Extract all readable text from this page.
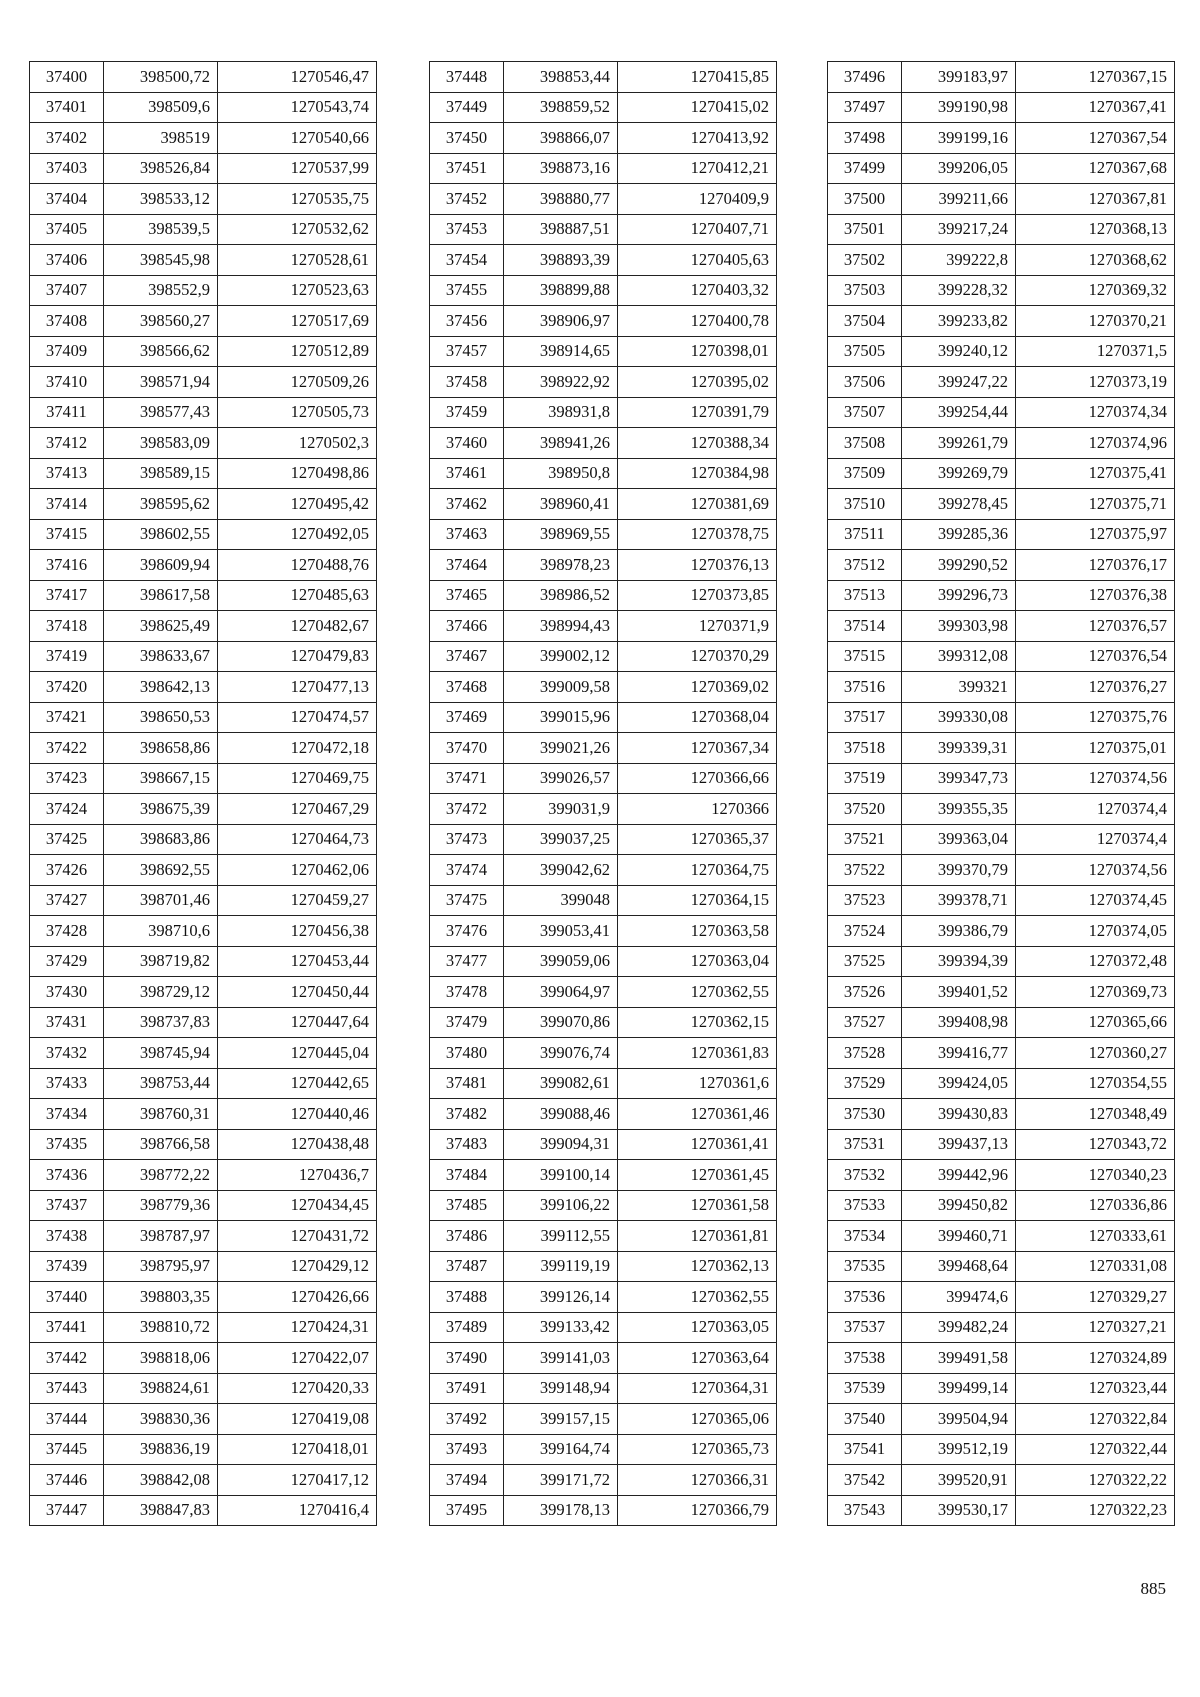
37400	398500,72	1270546,47
37401	398509,6	1270543,74
37402	398519	1270540,66
37403	398526,84	1270537,99
37404	398533,12	1270535,75
37405	398539,5	1270532,62
37406	398545,98	1270528,61
37407	398552,9	1270523,63
37408	398560,27	1270517,69
37409	398566,62	1270512,89
37410	398571,94	1270509,26
37411	398577,43	1270505,73
37412	398583,09	1270502,3
37413	398589,15	1270498,86
37414	398595,62	1270495,42
37415	398602,55	1270492,05
37416	398609,94	1270488,76
37417	398617,58	1270485,63
37418	398625,49	1270482,67
37419	398633,67	1270479,83
37420	398642,13	1270477,13
37421	398650,53	1270474,57
37422	398658,86	1270472,18
37423	398667,15	1270469,75
37424	398675,39	1270467,29
37425	398683,86	1270464,73
37426	398692,55	1270462,06
37427	398701,46	1270459,27
37428	398710,6	1270456,38
37429	398719,82	1270453,44
37430	398729,12	1270450,44
37431	398737,83	1270447,64
37432	398745,94	1270445,04
37433	398753,44	1270442,65
37434	398760,31	1270440,46
37435	398766,58	1270438,48
37436	398772,22	1270436,7
37437	398779,36	1270434,45
37438	398787,97	1270431,72
37439	398795,97	1270429,12
37440	398803,35	1270426,66
37441	398810,72	1270424,31
37442	398818,06	1270422,07
37443	398824,61	1270420,33
37444	398830,36	1270419,08
37445	398836,19	1270418,01
37446	398842,08	1270417,12
37447	398847,83	1270416,4
37448	398853,44	1270415,85
37449	398859,52	1270415,02
37450	398866,07	1270413,92
37451	398873,16	1270412,21
37452	398880,77	1270409,9
37453	398887,51	1270407,71
37454	398893,39	1270405,63
37455	398899,88	1270403,32
37456	398906,97	1270400,78
37457	398914,65	1270398,01
37458	398922,92	1270395,02
37459	398931,8	1270391,79
37460	398941,26	1270388,34
37461	398950,8	1270384,98
37462	398960,41	1270381,69
37463	398969,55	1270378,75
37464	398978,23	1270376,13
37465	398986,52	1270373,85
37466	398994,43	1270371,9
37467	399002,12	1270370,29
37468	399009,58	1270369,02
37469	399015,96	1270368,04
37470	399021,26	1270367,34
37471	399026,57	1270366,66
37472	399031,9	1270366
37473	399037,25	1270365,37
37474	399042,62	1270364,75
37475	399048	1270364,15
37476	399053,41	1270363,58
37477	399059,06	1270363,04
37478	399064,97	1270362,55
37479	399070,86	1270362,15
37480	399076,74	1270361,83
37481	399082,61	1270361,6
37482	399088,46	1270361,46
37483	399094,31	1270361,41
37484	399100,14	1270361,45
37485	399106,22	1270361,58
37486	399112,55	1270361,81
37487	399119,19	1270362,13
37488	399126,14	1270362,55
37489	399133,42	1270363,05
37490	399141,03	1270363,64
37491	399148,94	1270364,31
37492	399157,15	1270365,06
37493	399164,74	1270365,73
37494	399171,72	1270366,31
37495	399178,13	1270366,79
37496	399183,97	1270367,15
37497	399190,98	1270367,41
37498	399199,16	1270367,54
37499	399206,05	1270367,68
37500	399211,66	1270367,81
37501	399217,24	1270368,13
37502	399222,8	1270368,62
37503	399228,32	1270369,32
37504	399233,82	1270370,21
37505	399240,12	1270371,5
37506	399247,22	1270373,19
37507	399254,44	1270374,34
37508	399261,79	1270374,96
37509	399269,79	1270375,41
37510	399278,45	1270375,71
37511	399285,36	1270375,97
37512	399290,52	1270376,17
37513	399296,73	1270376,38
37514	399303,98	1270376,57
37515	399312,08	1270376,54
37516	399321	1270376,27
37517	399330,08	1270375,76
37518	399339,31	1270375,01
37519	399347,73	1270374,56
37520	399355,35	1270374,4
37521	399363,04	1270374,4
37522	399370,79	1270374,56
37523	399378,71	1270374,45
37524	399386,79	1270374,05
37525	399394,39	1270372,48
37526	399401,52	1270369,73
37527	399408,98	1270365,66
37528	399416,77	1270360,27
37529	399424,05	1270354,55
37530	399430,83	1270348,49
37531	399437,13	1270343,72
37532	399442,96	1270340,23
37533	399450,82	1270336,86
37534	399460,71	1270333,61
37535	399468,64	1270331,08
37536	399474,6	1270329,27
37537	399482,24	1270327,21
37538	399491,58	1270324,89
37539	399499,14	1270323,44
37540	399504,94	1270322,84
37541	399512,19	1270322,44
37542	399520,91	1270322,22
37543	399530,17	1270322,23
885
